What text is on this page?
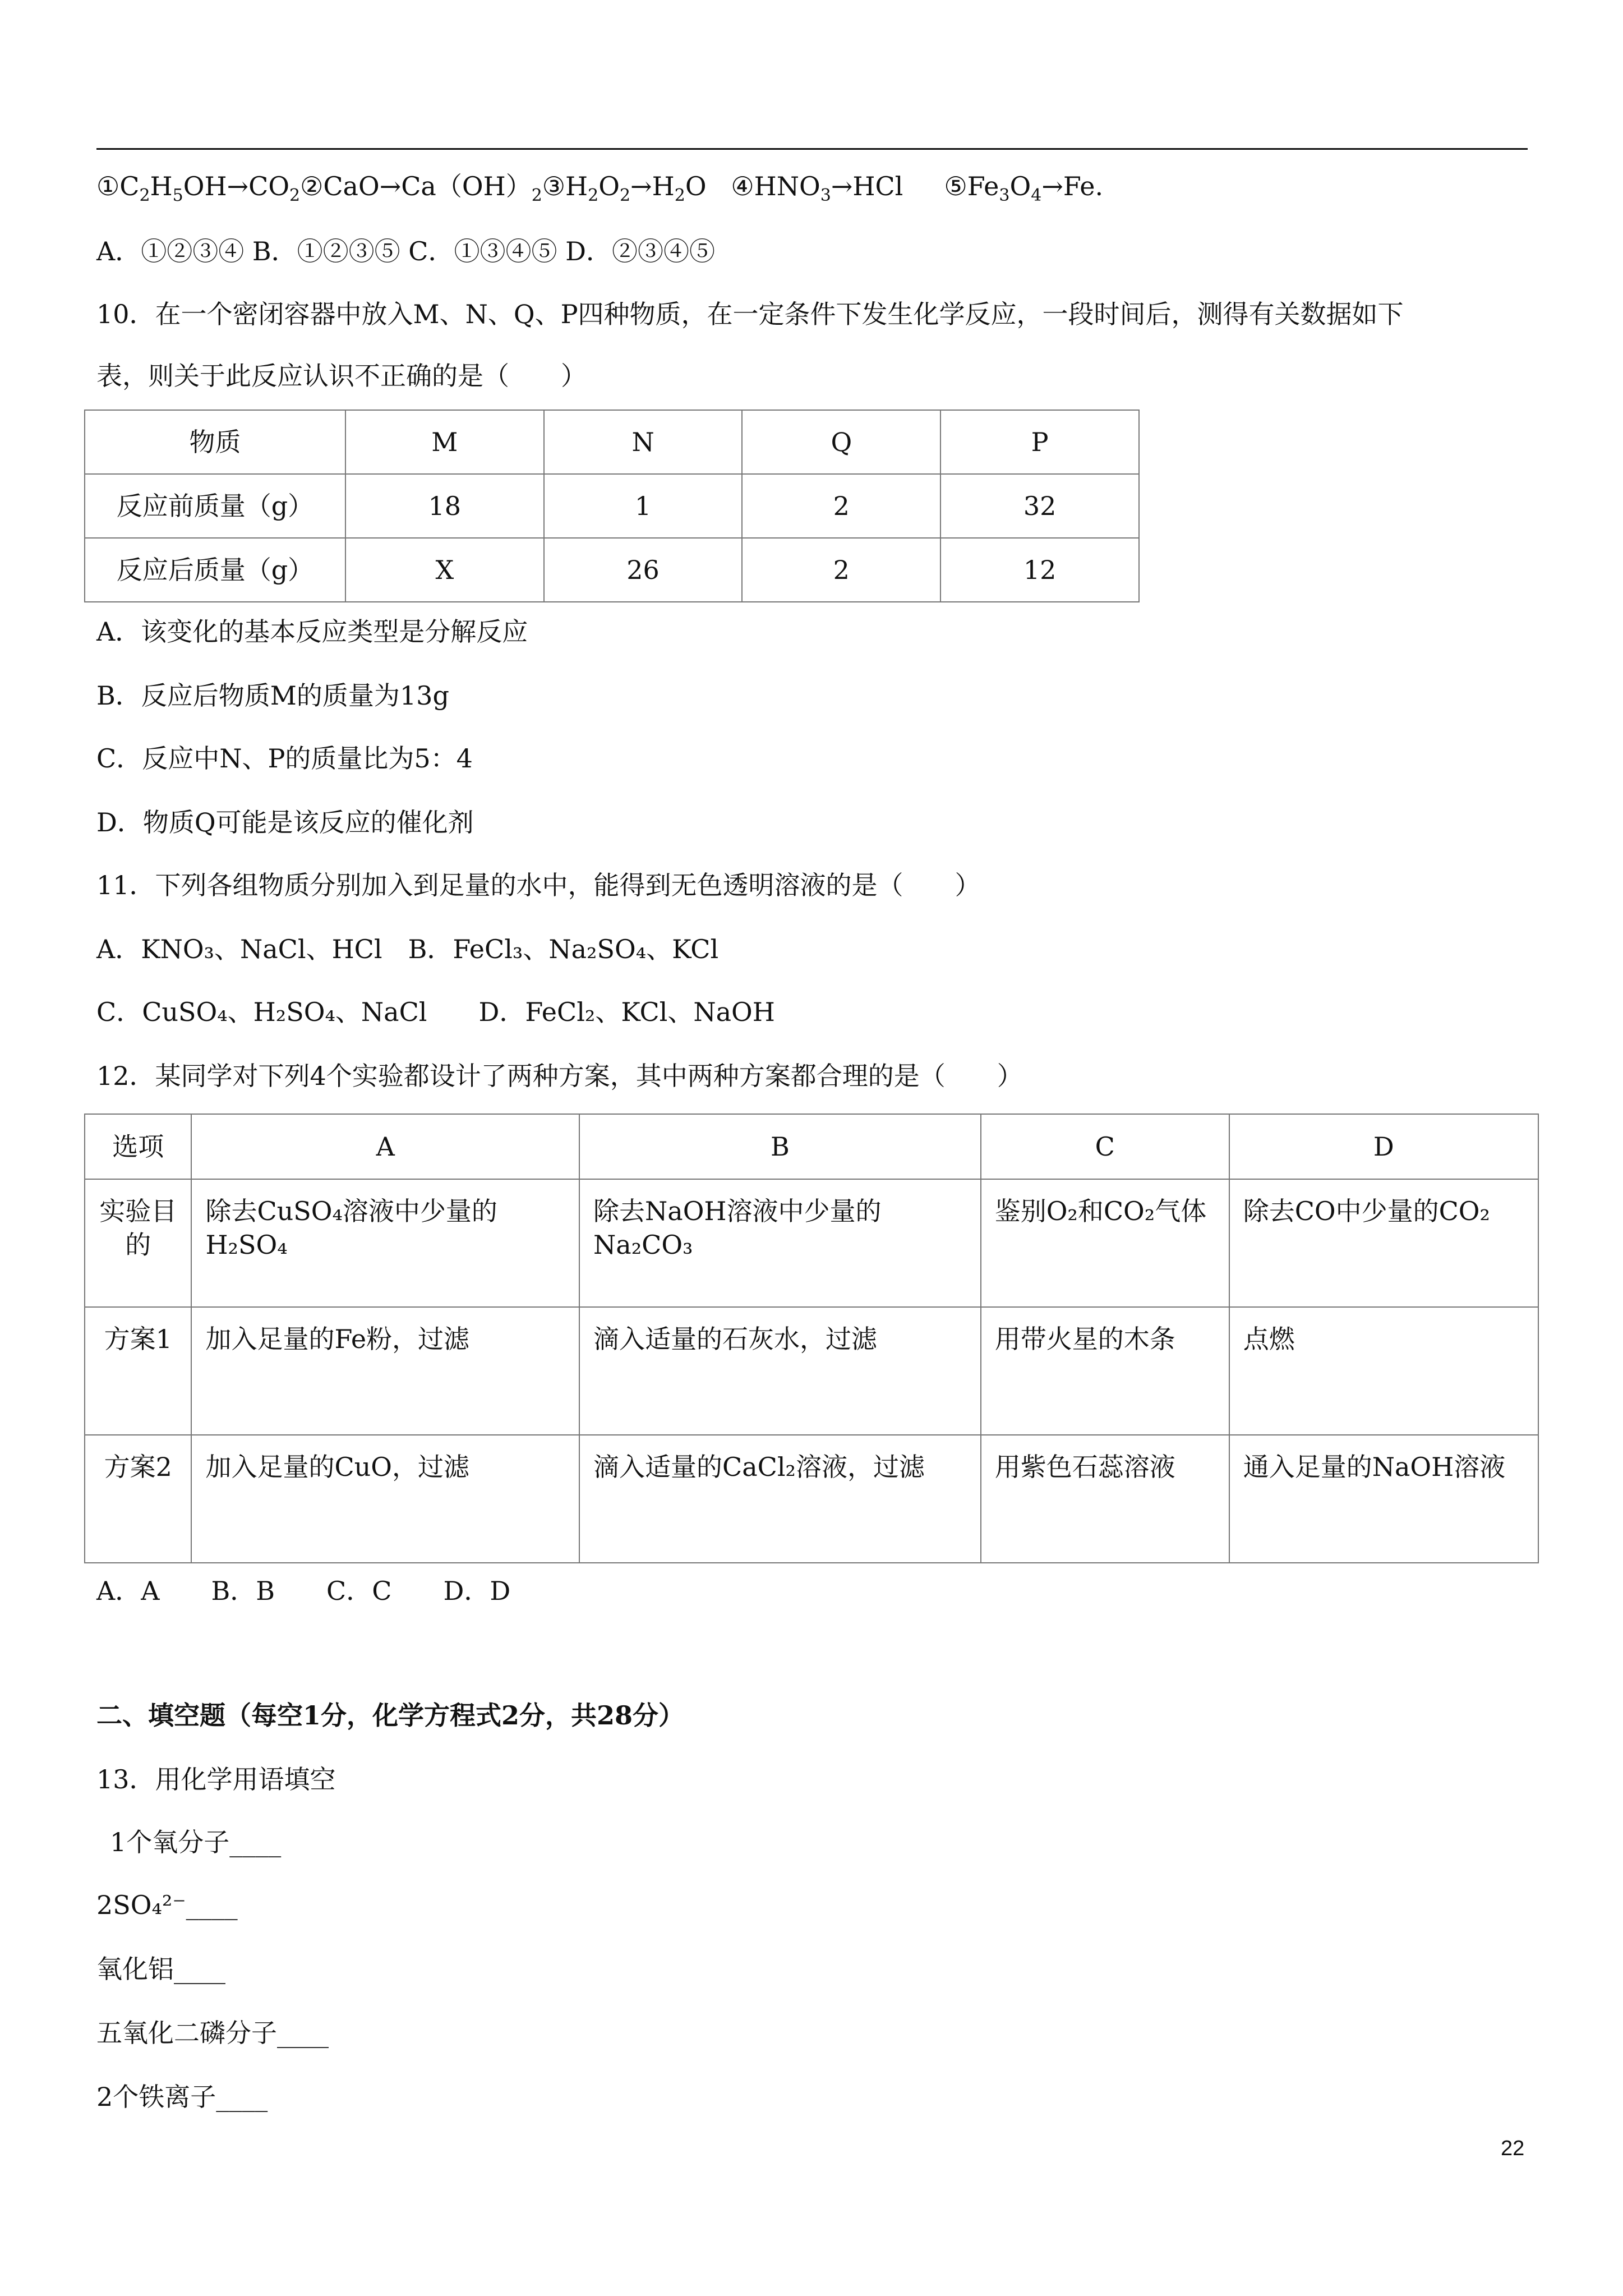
$①C_2H_5OH\to CO_2②CaO\to Ca(OH)_2③H_2O_2\to H_2O$ $④HNO_3\to HCl$ $⑤Fe_3O_4\to Fe$.
A．①②③④ B．①②③⑤ C．①③④⑤ D．②③④⑤
10．在一个密闭容器中放入M、N、Q、P四种物质，在一定条件下发生化学反应，一段时间后，测得有关数据如下
表，则关于此反应认识不正确的是（　　）
物质	M	N	Q	P
反应前质量（g）	18	1	2	32
反应后质量（g）	X	26	2	12
A．该变化的基本反应类型是分解反应
B．反应后物质M的质量为13g
C．反应中N、P的质量比为5：4
D．物质Q可能是该反应的催化剂
11．下列各组物质分别加入到足量的水中，能得到无色透明溶液的是（　　）
A．KNO₃、NaCl、HCl　B．FeCl₃、Na₂SO₄、KCl
C．CuSO₄、H₂SO₄、NaCl　　D．FeCl₂、KCl、NaOH
12．某同学对下列4个实验都设计了两种方案，其中两种方案都合理的是（　　）
选项	A	B	C	D
实验目的	除去CuSO₄溶液中少量的H₂SO₄	除去NaOH溶液中少量的Na₂CO₃	鉴别O₂和CO₂气体	除去CO中少量的CO₂
方案1	加入足量的Fe粉，过滤	滴入适量的石灰水，过滤	用带火星的木条	点燃
方案2	加入足量的CuO，过滤	滴入适量的CaCl₂溶液，过滤	用紫色石蕊溶液	通入足量的NaOH溶液
A．A　　B．B　　C．C　　D．D
二、填空题（每空1分，化学方程式2分，共28分）
13．用化学用语填空
1个氧分子____
2SO₄²⁻____
氧化铝____
五氧化二磷分子____
2个铁离子____
22
